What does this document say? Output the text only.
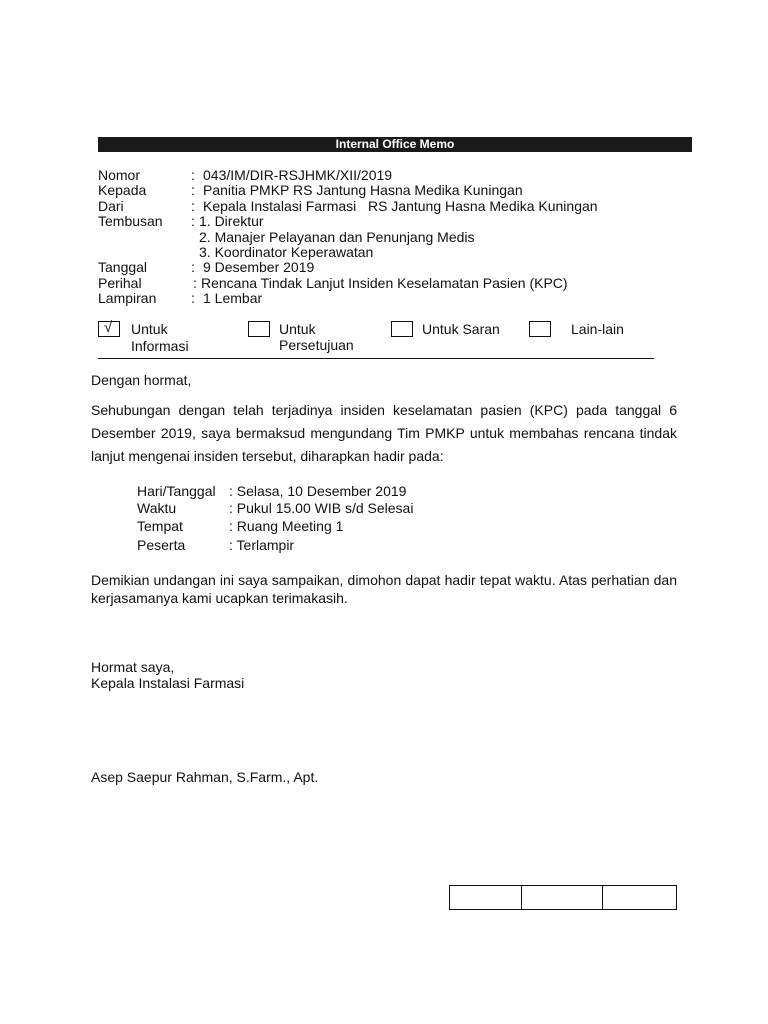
Internal Office Memo
Nomor	: 043/IM/DIR-RSJHMK/XII/2019
Kepada	: Panitia PMKP RS Jantung Hasna Medika Kuningan
Dari	: Kepala Instalasi Farmasi   RS Jantung Hasna Medika Kuningan
Tembusan : 1. Direktur
2. Manajer Pelayanan dan Penunjang Medis
3. Koordinator Keperawatan
Tanggal	: 9 Desember 2019
Perihal	: Rencana Tindak Lanjut Insiden Keselamatan Pasien (KPC)
Lampiran : 1 Lembar
√ Untuk
Informasi
Untuk
Persetujuan
Untuk Saran	Lain-lain
Dengan hormat,
Sehubungan dengan telah terjadinya insiden keselamatan pasien (KPC) pada tanggal 6 Desember 2019, saya bermaksud mengundang Tim PMKP untuk membahas rencana tindak lanjut mengenai insiden tersebut, diharapkan hadir pada:
Hari/Tanggal : Selasa, 10 Desember 2019
Waktu	: Pukul 15.00 WIB s/d Selesai
Tempat	: Ruang Meeting 1
Peserta	: Terlampir
Demikian undangan ini saya sampaikan, dimohon dapat hadir tepat waktu. Atas perhatian dan kerjasamanya kami ucapkan terimakasih.
Hormat saya,
Kepala Instalasi Farmasi
Asep Saepur Rahman, S.Farm., Apt.
